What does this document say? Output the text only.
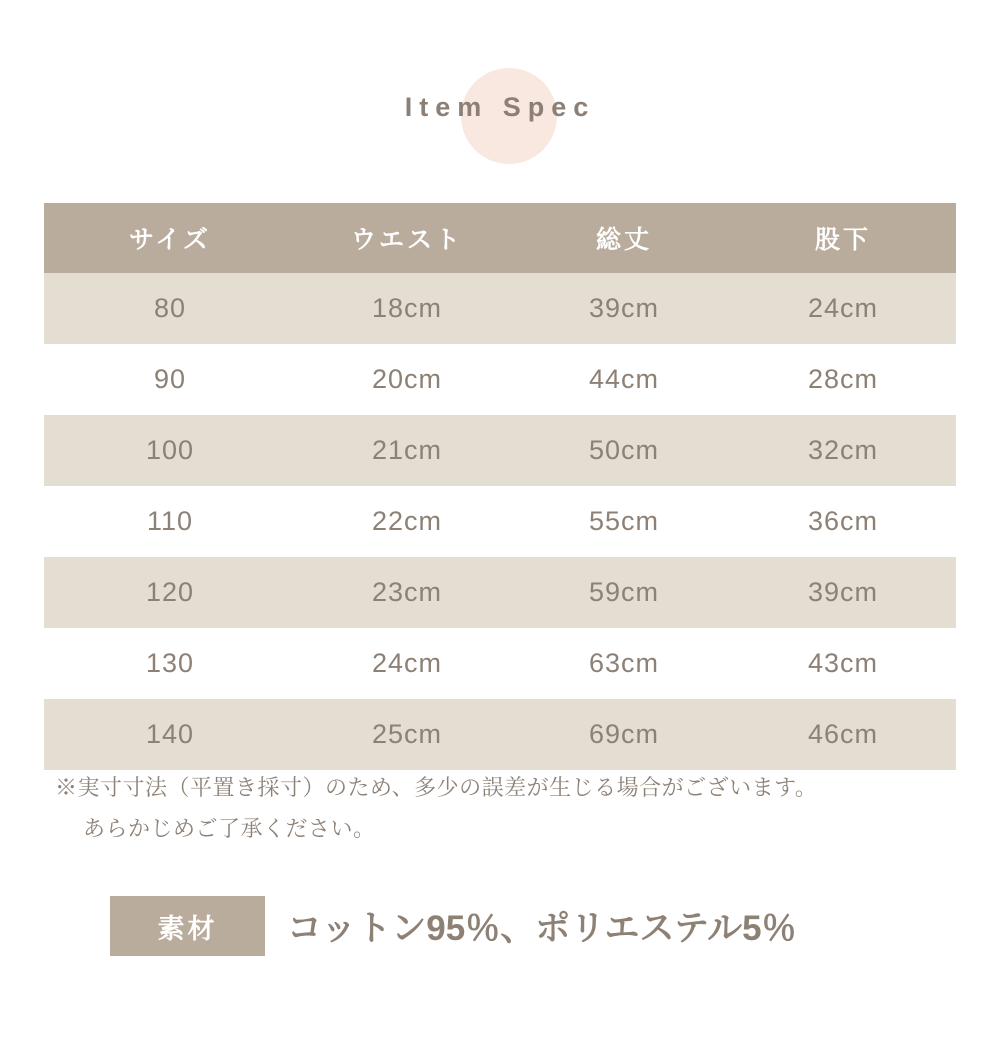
Item Spec
サイズ	ウエスト	総丈	股下
80	18cm	39cm	24cm
90	20cm	44cm	28cm
100	21cm	50cm	32cm
110	22cm	55cm	36cm
120	23cm	59cm	39cm
130	24cm	63cm	43cm
140	25cm	69cm	46cm
※実寸寸法（平置き採寸）のため、多少の誤差が生じる場合がございます。
あらかじめご了承ください。
素材	コットン95％、ポリエステル5％
